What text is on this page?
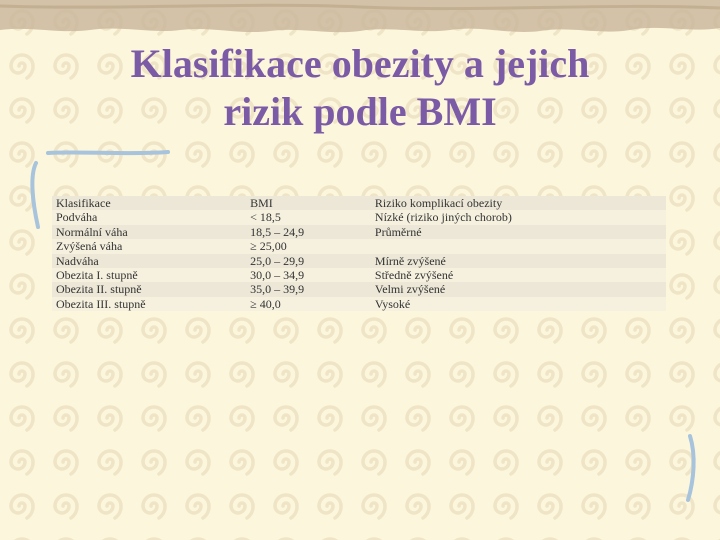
Klasifikace obezity a jejich
rizik podle BMI
Klasifikace	BMI	Riziko komplikací obezity
Podváha	< 18,5	Nízké (riziko jiných chorob)
Normální váha	18,5 – 24,9	Průměrné
Zvýšená váha	≥ 25,00	
Nadváha	25,0 – 29,9	Mírně zvýšené
Obezita I. stupně	30,0 – 34,9	Středně zvýšené
Obezita II. stupně	35,0 – 39,9	Velmi zvýšené
Obezita III. stupně	≥ 40,0	Vysoké
